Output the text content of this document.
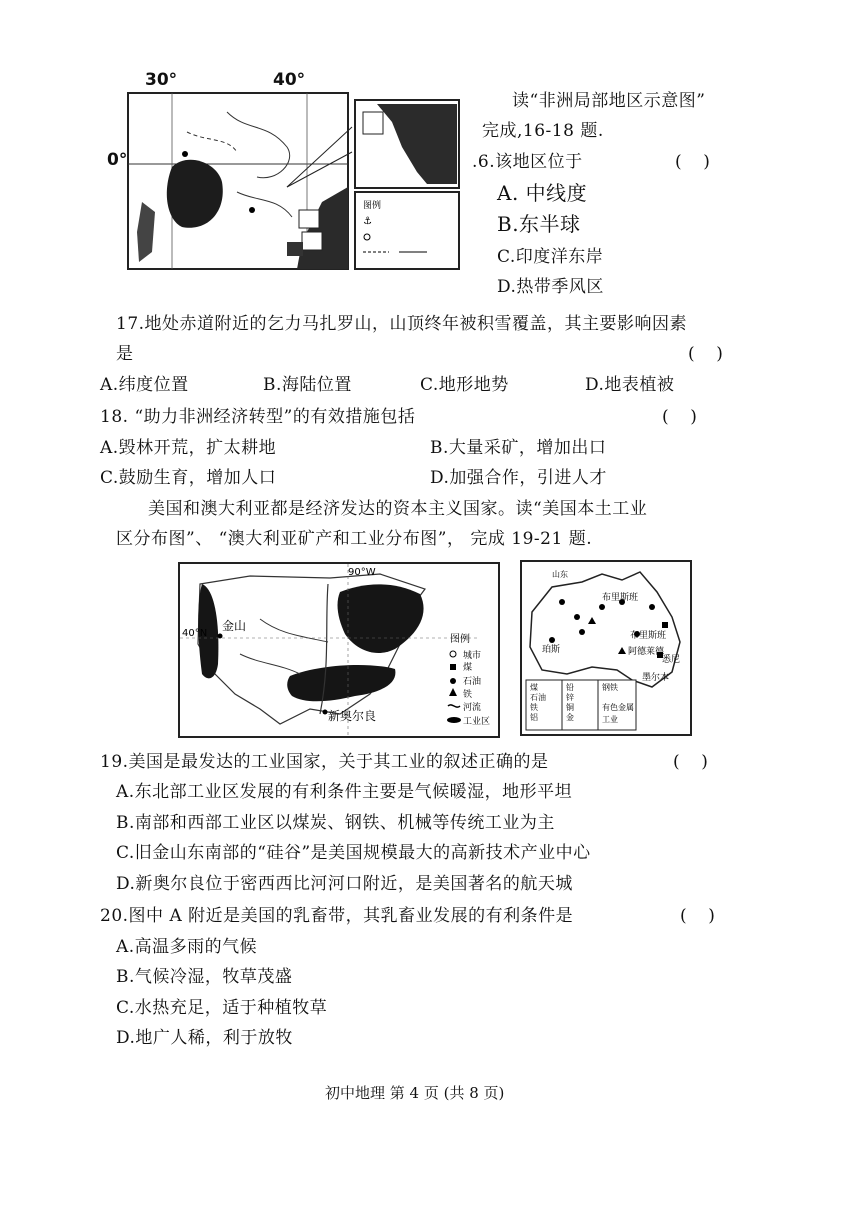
30°	40°
0°
图例
⚓
读“非洲局部地区示意图”
完成,16-18 题.
.6.该地区位于	(    )
A. 中线度
B.东半球
C.印度洋东岸
D.热带季风区
17.地处赤道附近的乞力马扎罗山，山顶终年被积雪覆盖，其主要影响因素
是	(    )
A.纬度位置	B.海陆位置	C.地形地势	D.地表植被
18. “助力非洲经济转型”的有效措施包括	(    )
A.毁林开荒，扩太耕地	B.大量采矿，增加出口
C.鼓励生育，增加人口	D.加强合作，引进人才
美国和澳大利亚都是经济发达的资本主义国家。读“美国本土工业
区分布图”、 “澳大利亚矿产和工业分布图”， 完成 19-21 题.
90°W
40°N
金山
新奥尔良
图例
城市
煤
石油
铁
河流
工业区
山东
布里斯班
布里斯班
珀斯	阿德莱德
悉尼
墨尔本
煤
石油
铁
铝
铅
锌
铜
金
钢铁
有色金属
工业
19.美国是最发达的工业国家，关于其工业的叙述正确的是	(    )
A.东北部工业区发展的有利条件主要是气候暖湿，地形平坦
B.南部和西部工业区以煤炭、钢铁、机械等传统工业为主
C.旧金山东南部的“硅谷”是美国规模最大的高新技术产业中心
D.新奥尔良位于密西西比河河口附近，是美国著名的航天城
20.图中 A 附近是美国的乳畜带，其乳畜业发展的有利条件是	(    )
A.高温多雨的气候
B.气候冷湿，牧草茂盛
C.水热充足，适于种植牧草
D.地广人稀，利于放牧
初中地理 第 4 页 (共 8 页)
